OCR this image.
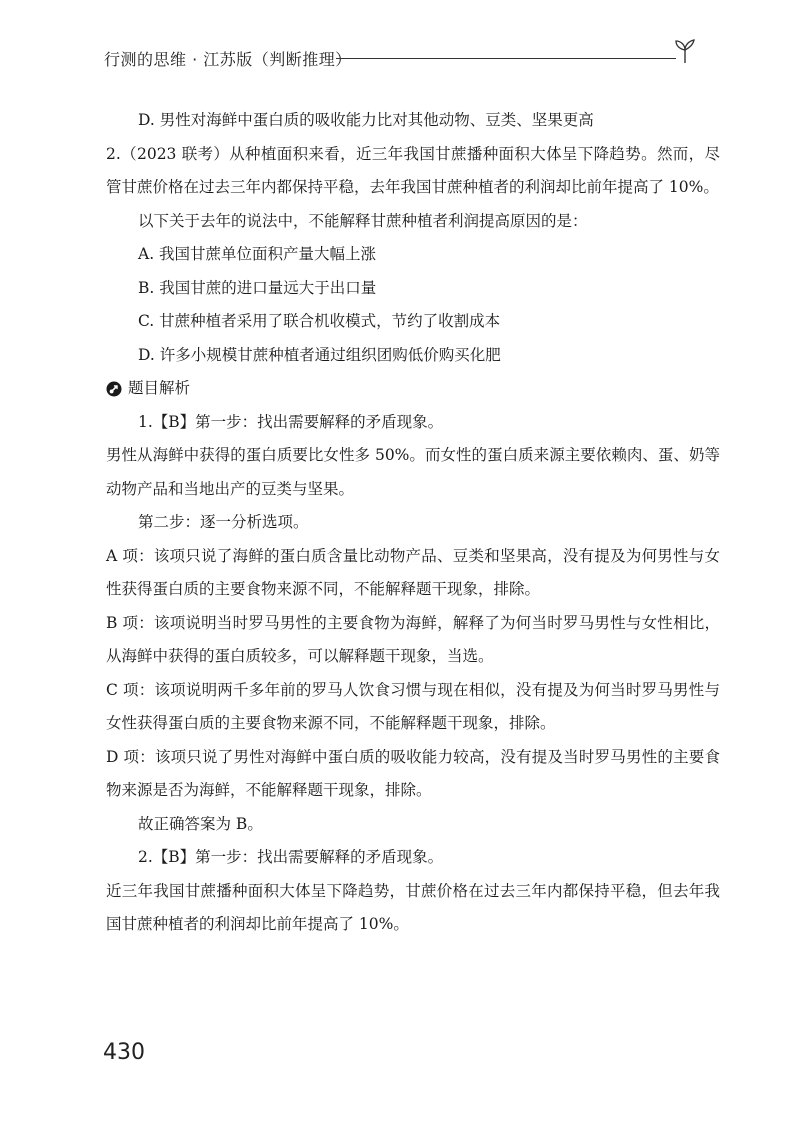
行测的思维 · 江苏版（判断推理）

D. 男性对海鲜中蛋白质的吸收能力比对其他动物、豆类、坚果更高

2.（2023 联考）从种植面积来看，近三年我国甘蔗播种面积大体呈下降趋势。然而，尽管甘蔗价格在过去三年内都保持平稳，去年我国甘蔗种植者的利润却比前年提高了 10%。

以下关于去年的说法中，不能解释甘蔗种植者利润提高原因的是：

A. 我国甘蔗单位面积产量大幅上涨

B. 我国甘蔗的进口量远大于出口量

C. 甘蔗种植者采用了联合机收模式，节约了收割成本

D. 许多小规模甘蔗种植者通过组织团购低价购买化肥

题目解析

1.【B】第一步：找出需要解释的矛盾现象。

男性从海鲜中获得的蛋白质要比女性多 50%。而女性的蛋白质来源主要依赖肉、蛋、奶等动物产品和当地出产的豆类与坚果。

第二步：逐一分析选项。

A 项：该项只说了海鲜的蛋白质含量比动物产品、豆类和坚果高，没有提及为何男性与女性获得蛋白质的主要食物来源不同，不能解释题干现象，排除。

B 项：该项说明当时罗马男性的主要食物为海鲜，解释了为何当时罗马男性与女性相比，从海鲜中获得的蛋白质较多，可以解释题干现象，当选。

C 项：该项说明两千多年前的罗马人饮食习惯与现在相似，没有提及为何当时罗马男性与女性获得蛋白质的主要食物来源不同，不能解释题干现象，排除。

D 项：该项只说了男性对海鲜中蛋白质的吸收能力较高，没有提及当时罗马男性的主要食物来源是否为海鲜，不能解释题干现象，排除。

故正确答案为 B。

2.【B】第一步：找出需要解释的矛盾现象。

近三年我国甘蔗播种面积大体呈下降趋势，甘蔗价格在过去三年内都保持平稳，但去年我国甘蔗种植者的利润却比前年提高了 10%。

430
